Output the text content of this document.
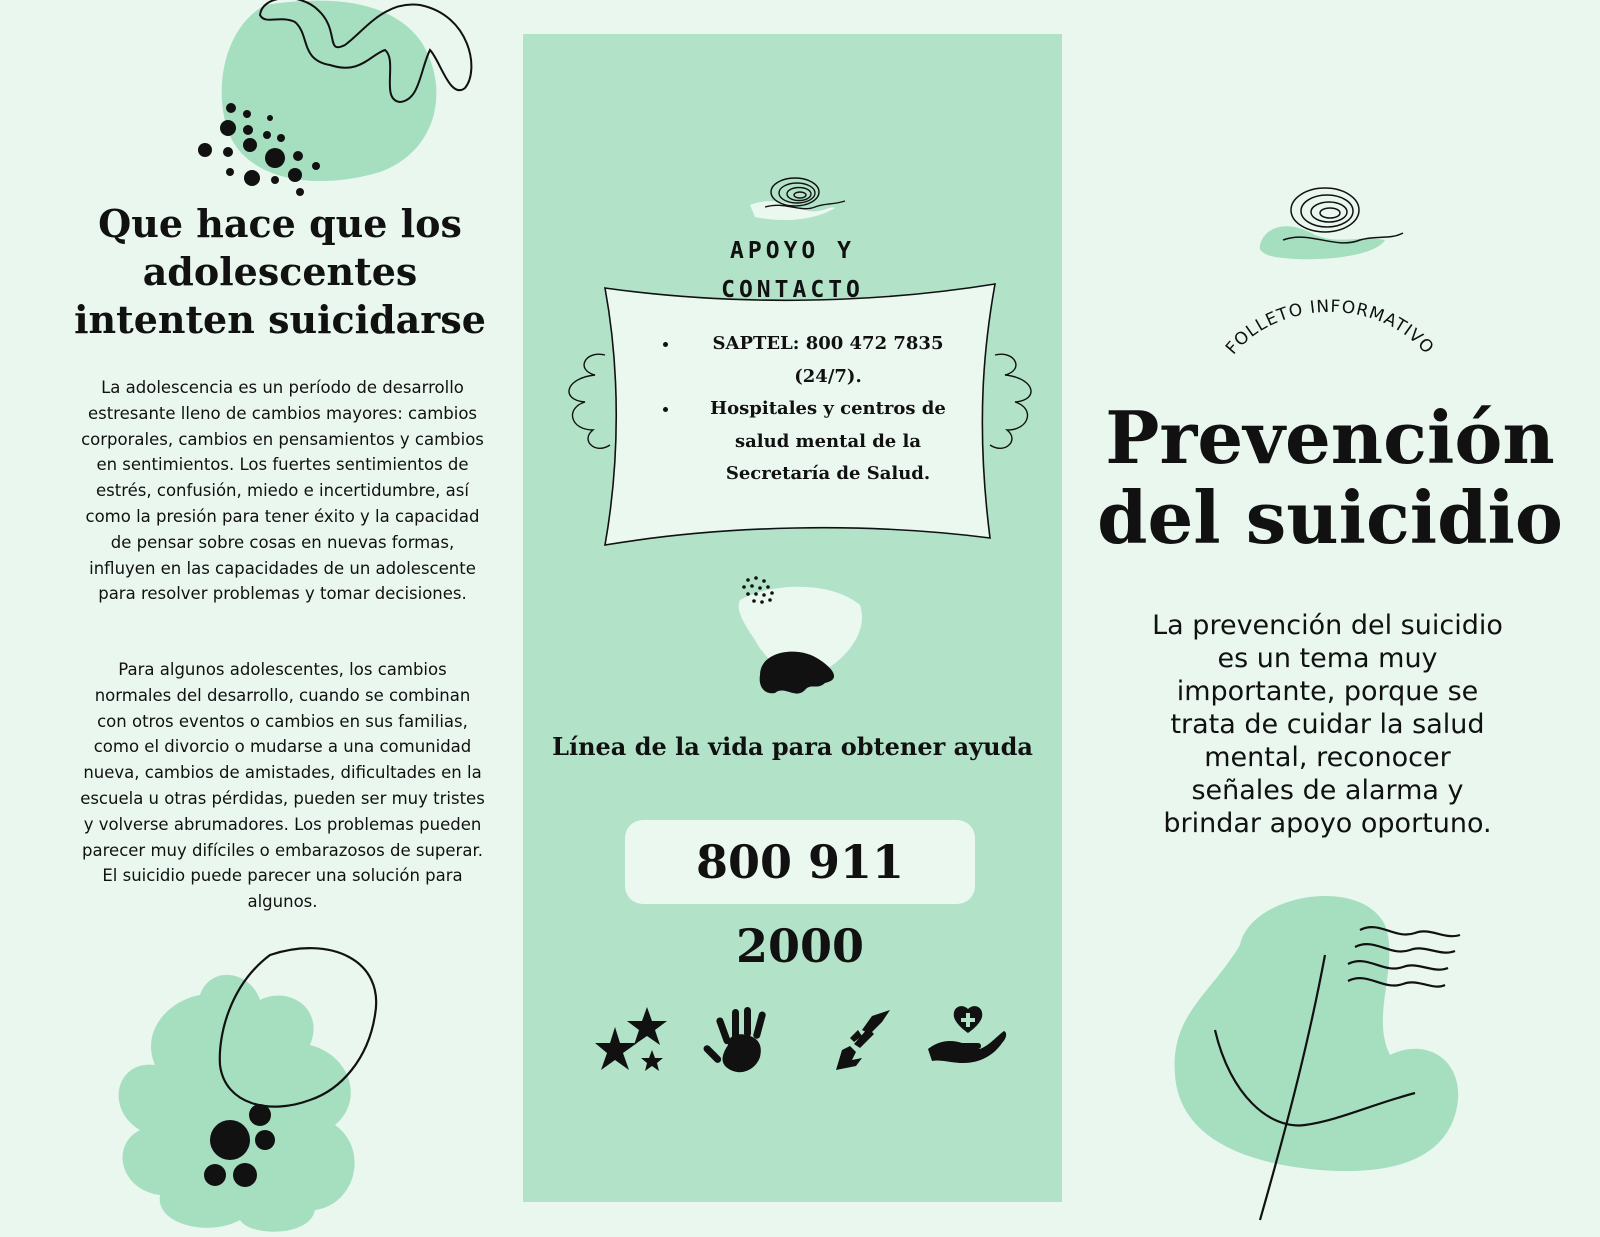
Que hace que los adolescentes intenten suicidarse

La adolescencia es un período de desarrollo estresante lleno de cambios mayores: cambios corporales, cambios en pensamientos y cambios en sentimientos. Los fuertes sentimientos de estrés, confusión, miedo e incertidumbre, así como la presión para tener éxito y la capacidad de pensar sobre cosas en nuevas formas, influyen en las capacidades de un adolescente para resolver problemas y tomar decisiones.

Para algunos adolescentes, los cambios normales del desarrollo, cuando se combinan con otros eventos o cambios en sus familias, como el divorcio o mudarse a una comunidad nueva, cambios de amistades, dificultades en la escuela u otras pérdidas, pueden ser muy tristes y volverse abrumadores. Los problemas pueden parecer muy difíciles o embarazosos de superar. El suicidio puede parecer una solución para algunos.

APOYO Y
CONTACTO
• SAPTEL: 800 472 7835 (24/7).
• Hospitales y centros de salud mental de la Secretaría de Salud.
Línea de la vida para obtener ayuda
800 911 2000
FOLLETO INFORMATIVO
Prevención
del suicidio

La prevención del suicidio es un tema muy importante, porque se trata de cuidar la salud mental, reconocer señales de alarma y brindar apoyo oportuno.
